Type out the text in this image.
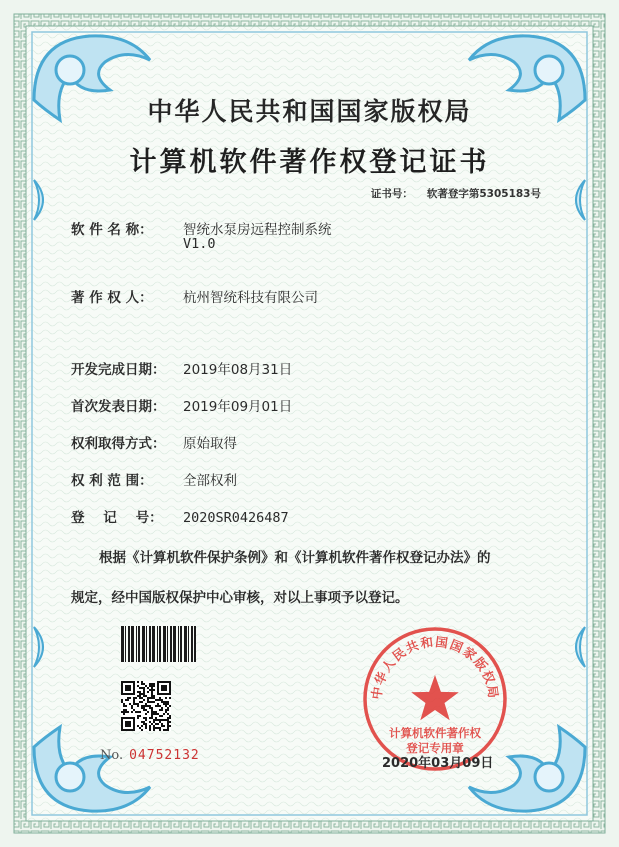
中华人民共和国国家版权局
计算机软件著作权登记证书
证书号： 软著登字第5305183号
软 件 名 称： 智统水泵房远程控制系统
V1.0
著 作 权 人： 杭州智统科技有限公司
开发完成日期： 2019年08月31日
首次发表日期： 2019年09月01日
权利取得方式： 原始取得
权 利 范 围： 全部权利
登    记    号： 2020SR0426487
根据《计算机软件保护条例》和《计算机软件著作权登记办法》的
规定，经中国版权保护中心审核，对以上事项予以登记。
No. 04752132
中华人民共和国国家版权局
计算机软件著作权
登记专用章
2020年03月09日
